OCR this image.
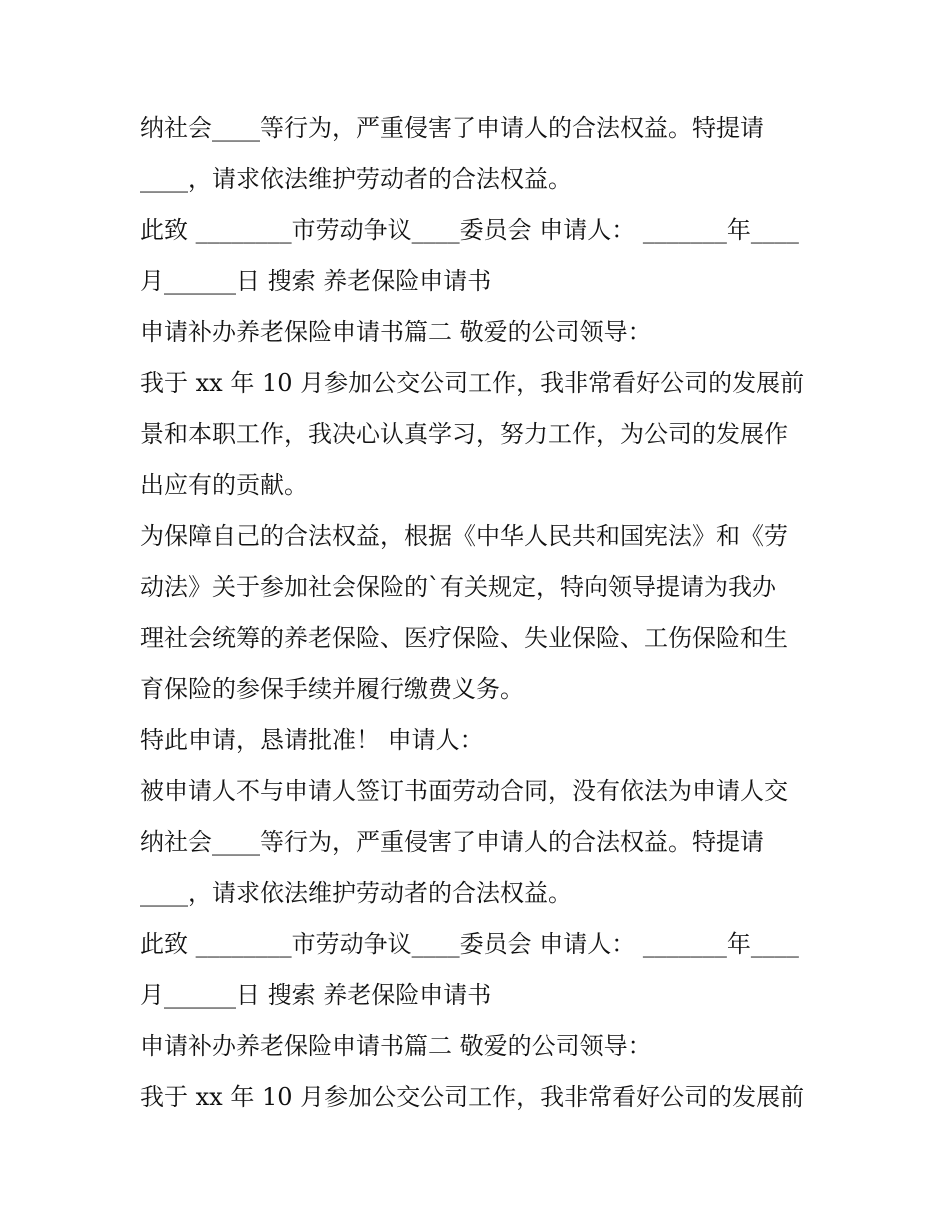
纳社会____等行为，严重侵害了申请人的合法权益。特提请
____，请求依法维护劳动者的合法权益。
此致 ________市劳动争议____委员会 申请人： _______年____
月______日 搜索 养老保险申请书
申请补办养老保险申请书篇二 敬爱的公司领导：
我于 xx 年 10 月参加公交公司工作，我非常看好公司的发展前
景和本职工作，我决心认真学习，努力工作，为公司的发展作
出应有的贡献。
为保障自己的合法权益，根据《中华人民共和国宪法》和《劳
动法》关于参加社会保险的`有关规定，特向领导提请为我办
理社会统筹的养老保险、医疗保险、失业保险、工伤保险和生
育保险的参保手续并履行缴费义务。
特此申请，恳请批准！ 申请人：
被申请人不与申请人签订书面劳动合同，没有依法为申请人交
纳社会____等行为，严重侵害了申请人的合法权益。特提请
____，请求依法维护劳动者的合法权益。
此致 ________市劳动争议____委员会 申请人： _______年____
月______日 搜索 养老保险申请书
申请补办养老保险申请书篇二 敬爱的公司领导：
我于 xx 年 10 月参加公交公司工作，我非常看好公司的发展前
